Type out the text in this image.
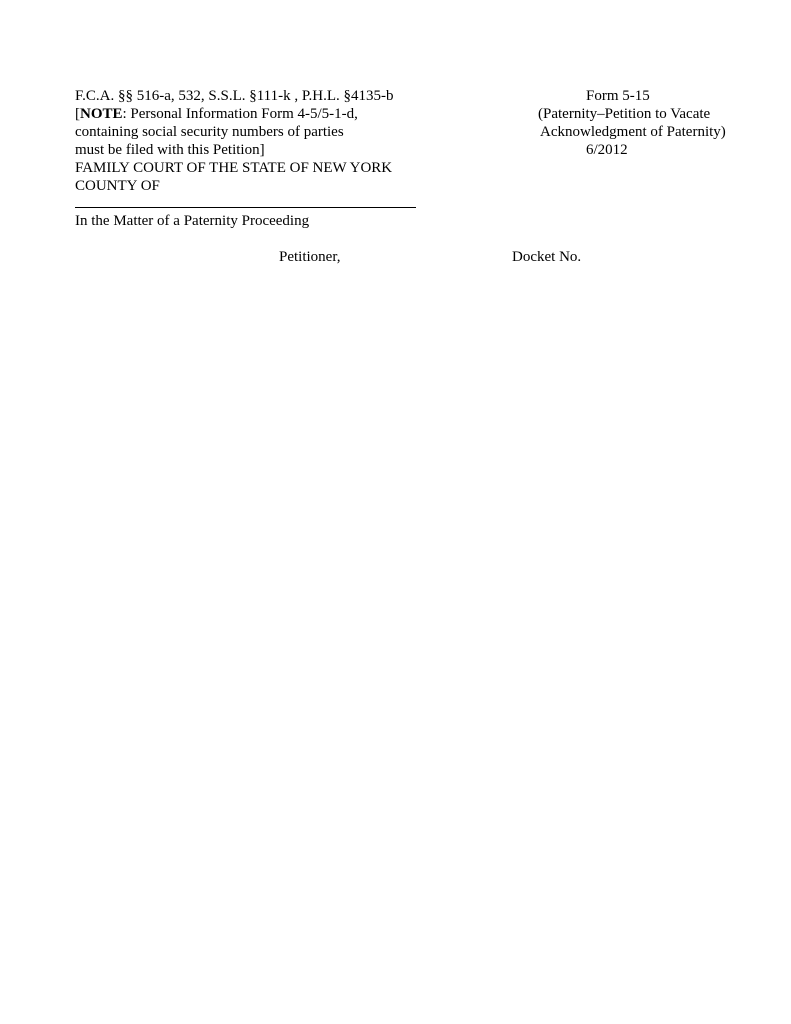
F.C.A. §§ 516-a, 532, S.S.L. §111-k , P.H.L. §4135-b
[NOTE: Personal Information Form 4-5/5-1-d,
containing social security numbers of parties
must be filed with this Petition]
FAMILY COURT OF THE STATE OF NEW YORK
COUNTY OF
Form 5-15
(Paternity–Petition to Vacate
Acknowledgment of Paternity)
6/2012
In the Matter of a Paternity Proceeding
Petitioner,	Docket No.
